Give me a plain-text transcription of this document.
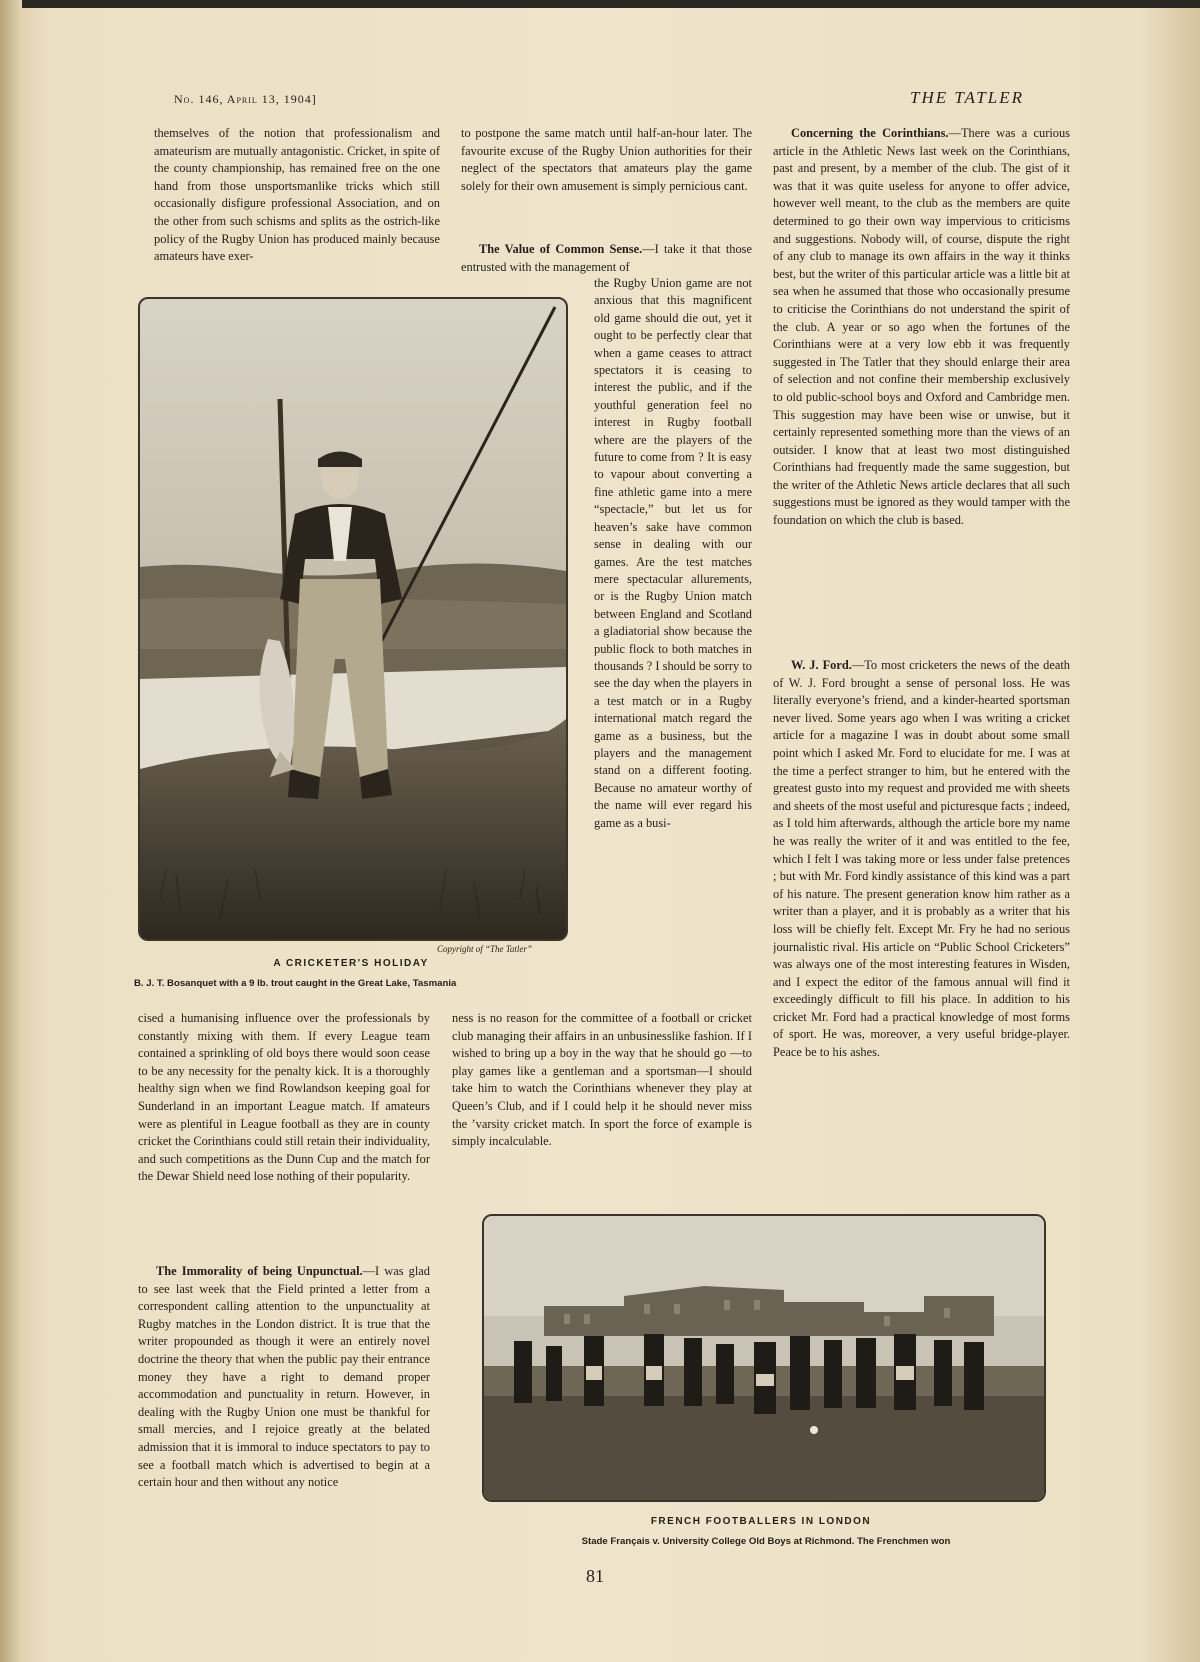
No. 146, April 13, 1904]	THE TATLER

themselves of the notion that professionalism and amateurism are mutually antagonistic. Cricket, in spite of the county championship, has remained free on the one hand from those unsportsmanlike tricks which still occasionally disfigure professional Association, and on the other from such schisms and splits as the ostrich-like policy of the Rugby Union has produced mainly because amateurs have exer-

to postpone the same match until half-an-hour later. The favourite excuse of the Rugby Union authorities for their neglect of the spectators that amateurs play the game solely for their own amusement is simply pernicious cant.

The Value of Common Sense.—I take it that those entrusted with the management of

Copyright of “The Tatler”
A CRICKETER'S HOLIDAY
B. J. T. Bosanquet with a 9 lb. trout caught in the Great Lake, Tasmania

the Rugby Union game are not anxious that this magnificent old game should die out, yet it ought to be perfectly clear that when a game ceases to attract spectators it is ceasing to interest the public, and if the youthful generation feel no interest in Rugby football where are the players of the future to come from ? It is easy to vapour about converting a fine athletic game into a mere “spectacle,” but let us for heaven’s sake have common sense in dealing with our games. Are the test matches mere spectacular allurements, or is the Rugby Union match between England and Scotland a gladiatorial show because the public flock to both matches in thousands ? I should be sorry to see the day when the players in a test match or in a Rugby international match regard the game as a business, but the players and the management stand on a different footing. Because no amateur worthy of the name will ever regard his game as a busi-

cised a humanising influence over the professionals by constantly mixing with them. If every League team contained a sprinkling of old boys there would soon cease to be any necessity for the penalty kick. It is a thoroughly healthy sign when we find Rowlandson keeping goal for Sunderland in an important League match. If amateurs were as plentiful in League football as they are in county cricket the Corinthians could still retain their individuality, and such competitions as the Dunn Cup and the match for the Dewar Shield need lose nothing of their popularity.

The Immorality of being Unpunctual.—I was glad to see last week that the Field printed a letter from a correspondent calling attention to the unpunctuality at Rugby matches in the London district. It is true that the writer propounded as though it were an entirely novel doctrine the theory that when the public pay their entrance money they have a right to demand proper accommodation and punctuality in return. However, in dealing with the Rugby Union one must be thankful for small mercies, and I rejoice greatly at the belated admission that it is immoral to induce spectators to pay to see a football match which is advertised to begin at a certain hour and then without any notice

ness is no reason for the committee of a football or cricket club managing their affairs in an unbusinesslike fashion. If I wished to bring up a boy in the way that he should go —to play games like a gentleman and a sportsman—I should take him to watch the Corinthians whenever they play at Queen’s Club, and if I could help it he should never miss the ’varsity cricket match. In sport the force of example is simply incalculable.

Concerning the Corinthians.—There was a curious article in the Athletic News last week on the Corinthians, past and present, by a member of the club. The gist of it was that it was quite useless for anyone to offer advice, however well meant, to the club as the members are quite determined to go their own way impervious to criticisms and suggestions. Nobody will, of course, dispute the right of any club to manage its own affairs in the way it thinks best, but the writer of this particular article was a little bit at sea when he assumed that those who occasionally presume to criticise the Corinthians do not understand the spirit of the club. A year or so ago when the fortunes of the Corinthians were at a very low ebb it was frequently suggested in The Tatler that they should enlarge their area of selection and not confine their membership exclusively to old public-school boys and Oxford and Cambridge men. This suggestion may have been wise or unwise, but it certainly represented something more than the views of an outsider. I know that at least two most distinguished Corinthians had frequently made the same suggestion, but the writer of the Athletic News article declares that all such suggestions must be ignored as they would tamper with the foundation on which the club is based.

W. J. Ford.—To most cricketers the news of the death of W. J. Ford brought a sense of personal loss. He was literally everyone’s friend, and a kinder-hearted sportsman never lived. Some years ago when I was writing a cricket article for a magazine I was in doubt about some small point which I asked Mr. Ford to elucidate for me. I was at the time a perfect stranger to him, but he entered with the greatest gusto into my request and provided me with sheets and sheets of the most useful and picturesque facts ; indeed, as I told him afterwards, although the article bore my name he was really the writer of it and was entitled to the fee, which I felt I was taking more or less under false pretences ; but with Mr. Ford kindly assistance of this kind was a part of his nature. The present generation know him rather as a writer than a player, and it is probably as a writer that his loss will be chiefly felt. Except Mr. Fry he had no serious journalistic rival. His article on “Public School Cricketers” was always one of the most interesting features in Wisden, and I expect the editor of the famous annual will find it exceedingly difficult to fill his place. In addition to his cricket Mr. Ford had a practical knowledge of most forms of sport. He was, moreover, a very useful bridge-player. Peace be to his ashes.

FRENCH FOOTBALLERS IN LONDON
Stade Français v. University College Old Boys at Richmond. The Frenchmen won
81
